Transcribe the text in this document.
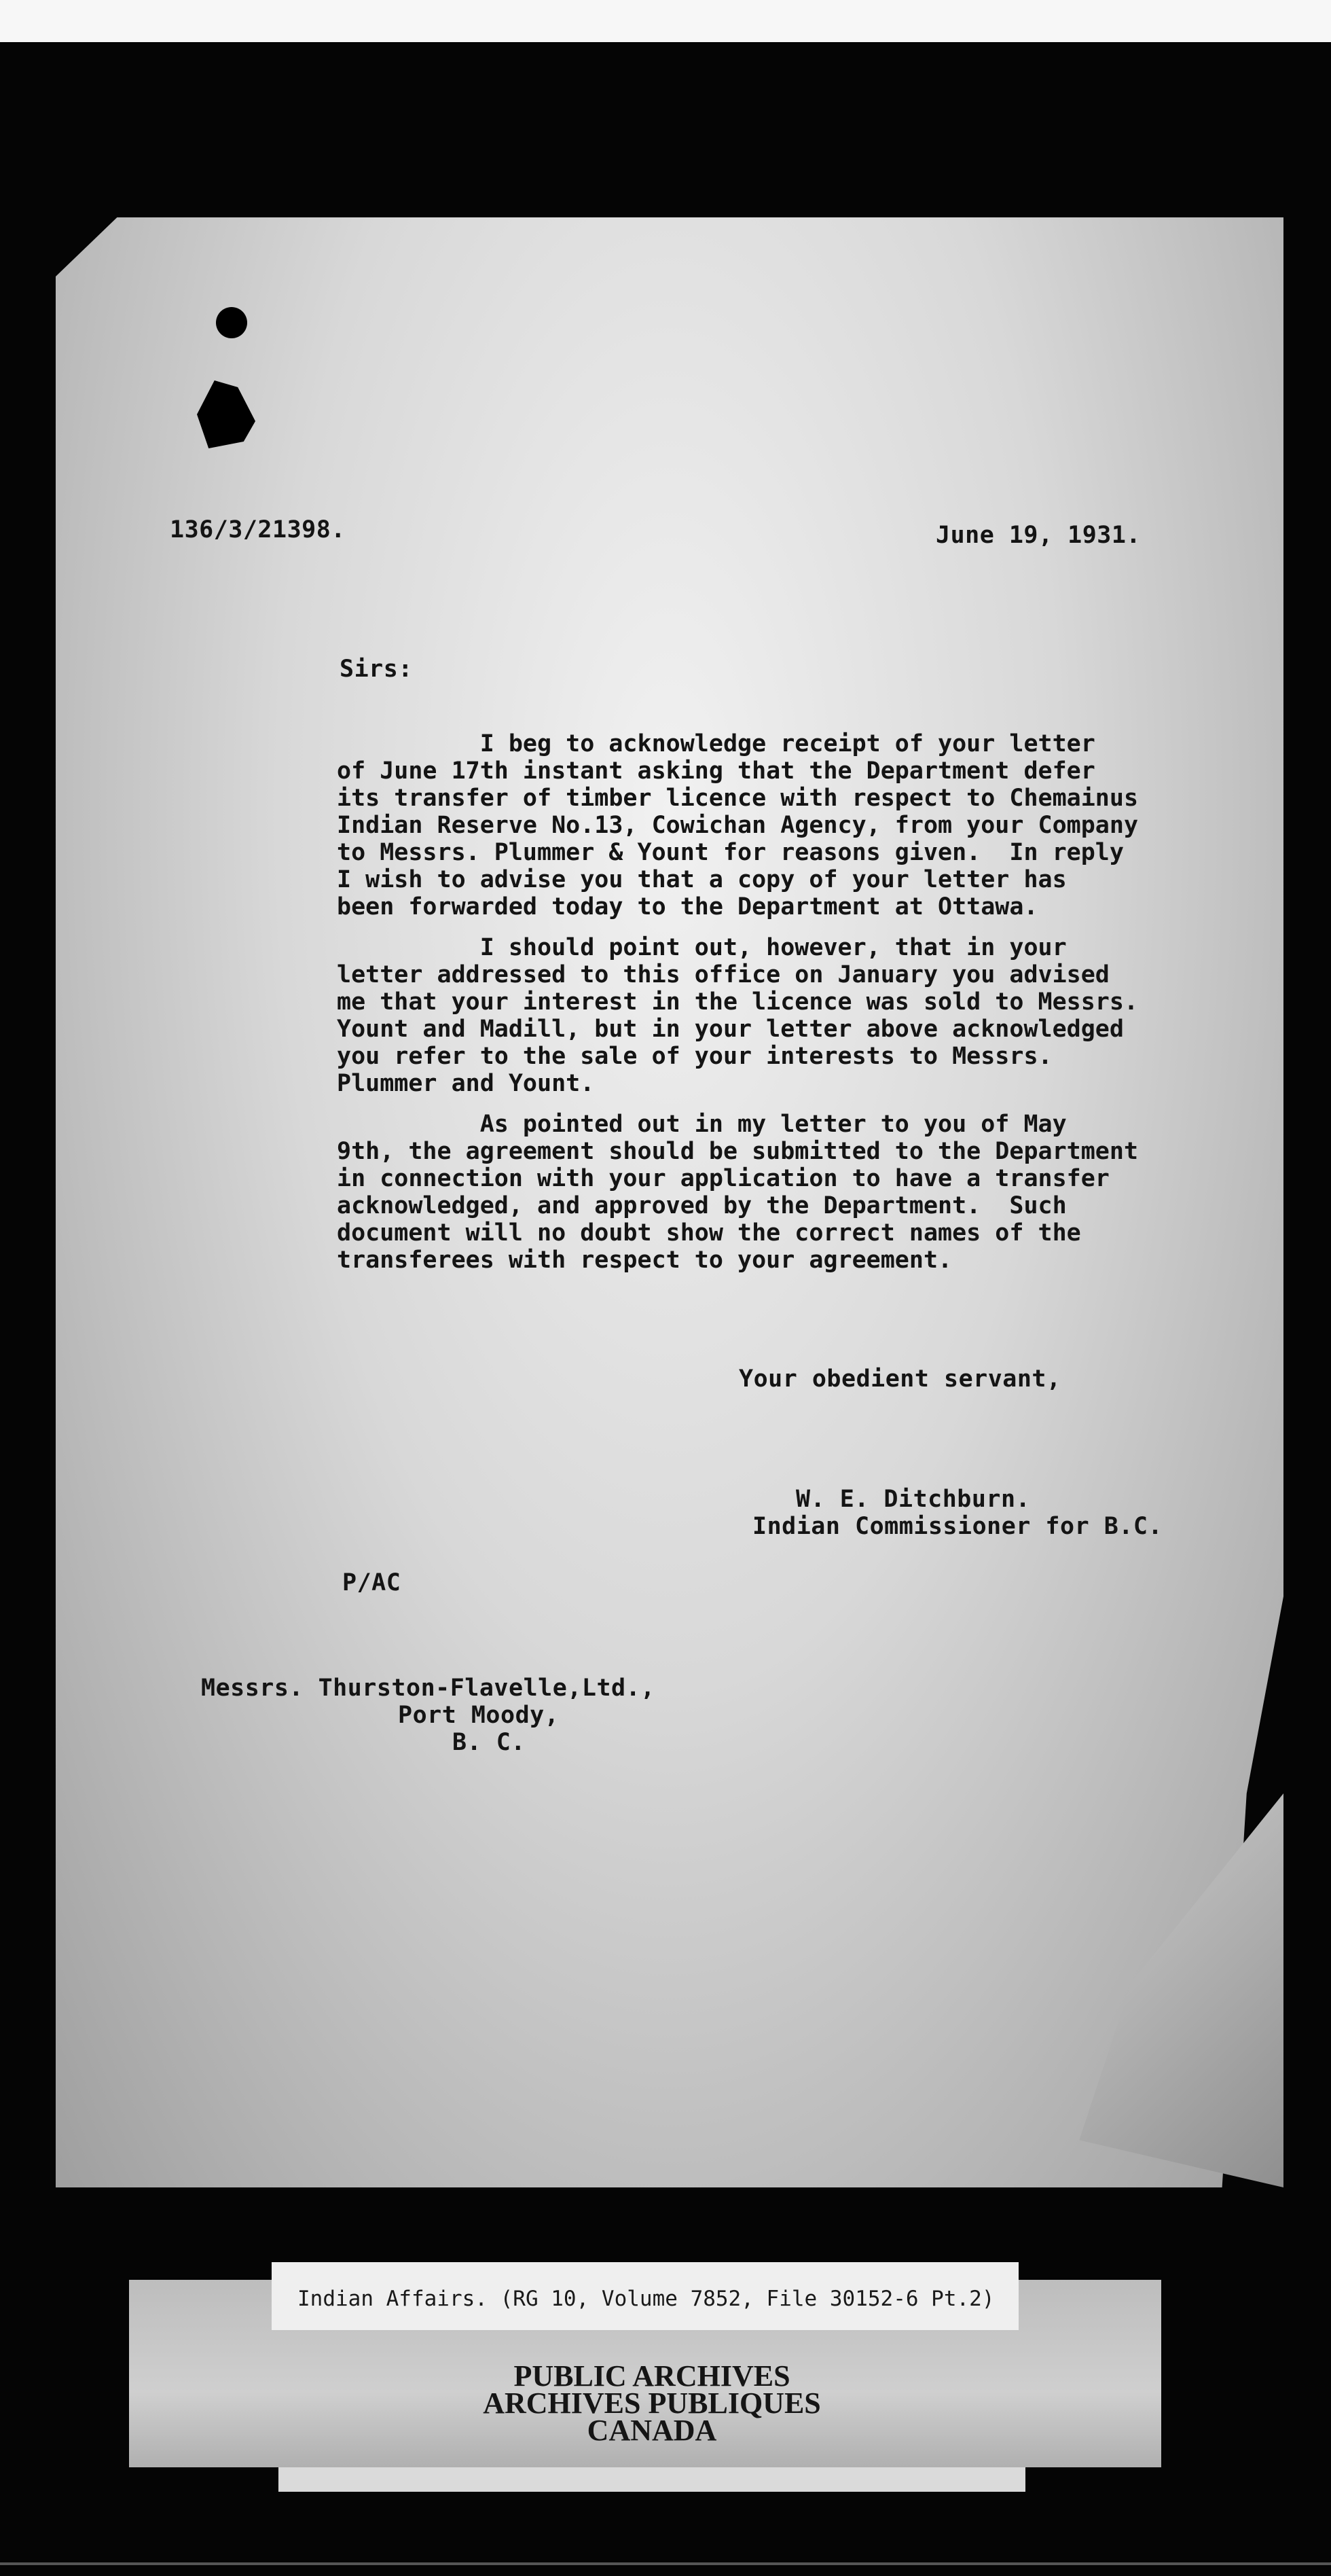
136/3/21398.	June 19, 1931.
Sirs:
I beg to acknowledge receipt of your letter
of June 17th instant asking that the Department defer
its transfer of timber licence with respect to Chemainus
Indian Reserve No.13, Cowichan Agency, from your Company
to Messrs. Plummer & Yount for reasons given.  In reply
I wish to advise you that a copy of your letter has
been forwarded today to the Department at Ottawa.
I should point out, however, that in your
letter addressed to this office on January you advised
me that your interest in the licence was sold to Messrs.
Yount and Madill, but in your letter above acknowledged
you refer to the sale of your interests to Messrs.
Plummer and Yount.
As pointed out in my letter to you of May
9th, the agreement should be submitted to the Department
in connection with your application to have a transfer
acknowledged, and approved by the Department.  Such
document will no doubt show the correct names of the
transferees with respect to your agreement.
Your obedient servant,
W. E. Ditchburn.
Indian Commissioner for B.C.
P/AC
Messrs. Thurston-Flavelle,Ltd.,
Port Moody,
B. C.
Indian Affairs. (RG 10, Volume 7852, File 30152-6 Pt.2)
PUBLIC ARCHIVES
ARCHIVES PUBLIQUES
CANADA
